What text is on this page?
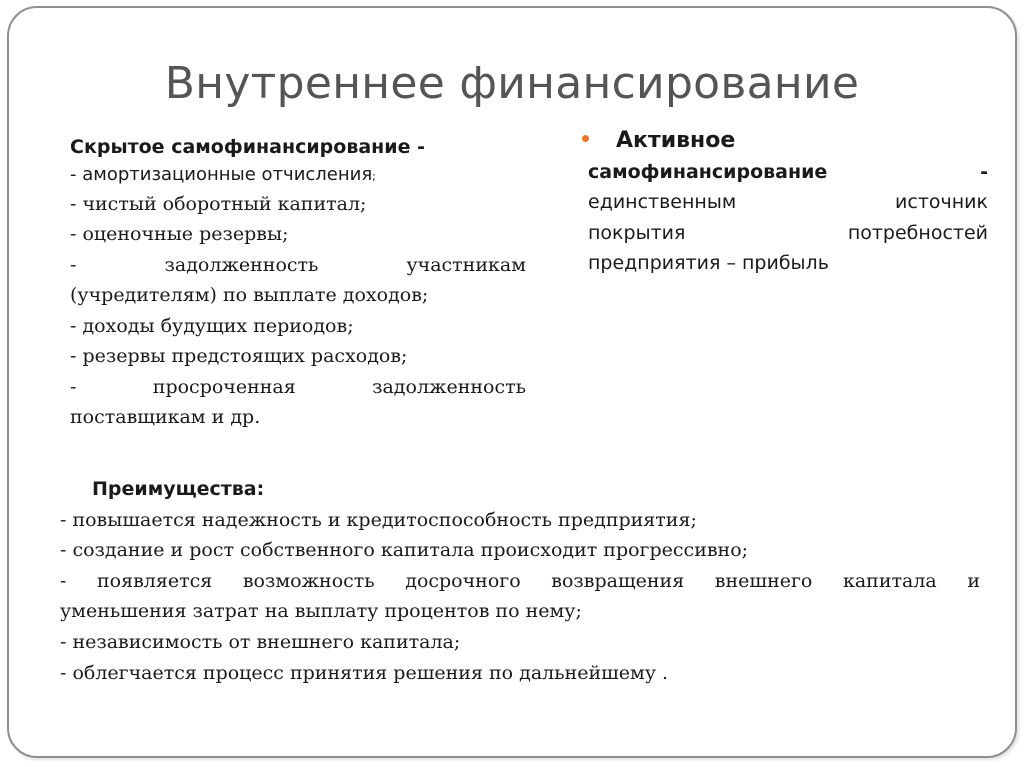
Внутреннее финансирование
Скрытое самофинансирование -
- амортизационные отчисления;
- чистый оборотный капитал;
- оценочные резервы;
- задолженность участникам
(учредителям) по выплате доходов;
- доходы будущих периодов;
- резервы предстоящих расходов;
- просроченная задолженность
поставщикам и др.
Активное
самофинансирование -
единственным источник
покрытия потребностей
предприятия – прибыль
Преимущества:
- повышается надежность и кредитоспособность предприятия;
- создание и рост собственного капитала происходит прогрессивно;
- появляется возможность досрочного возвращения внешнего капитала и
уменьшения затрат на выплату процентов по нему;
- независимость от внешнего капитала;
- облегчается процесс принятия решения по дальнейшему .
